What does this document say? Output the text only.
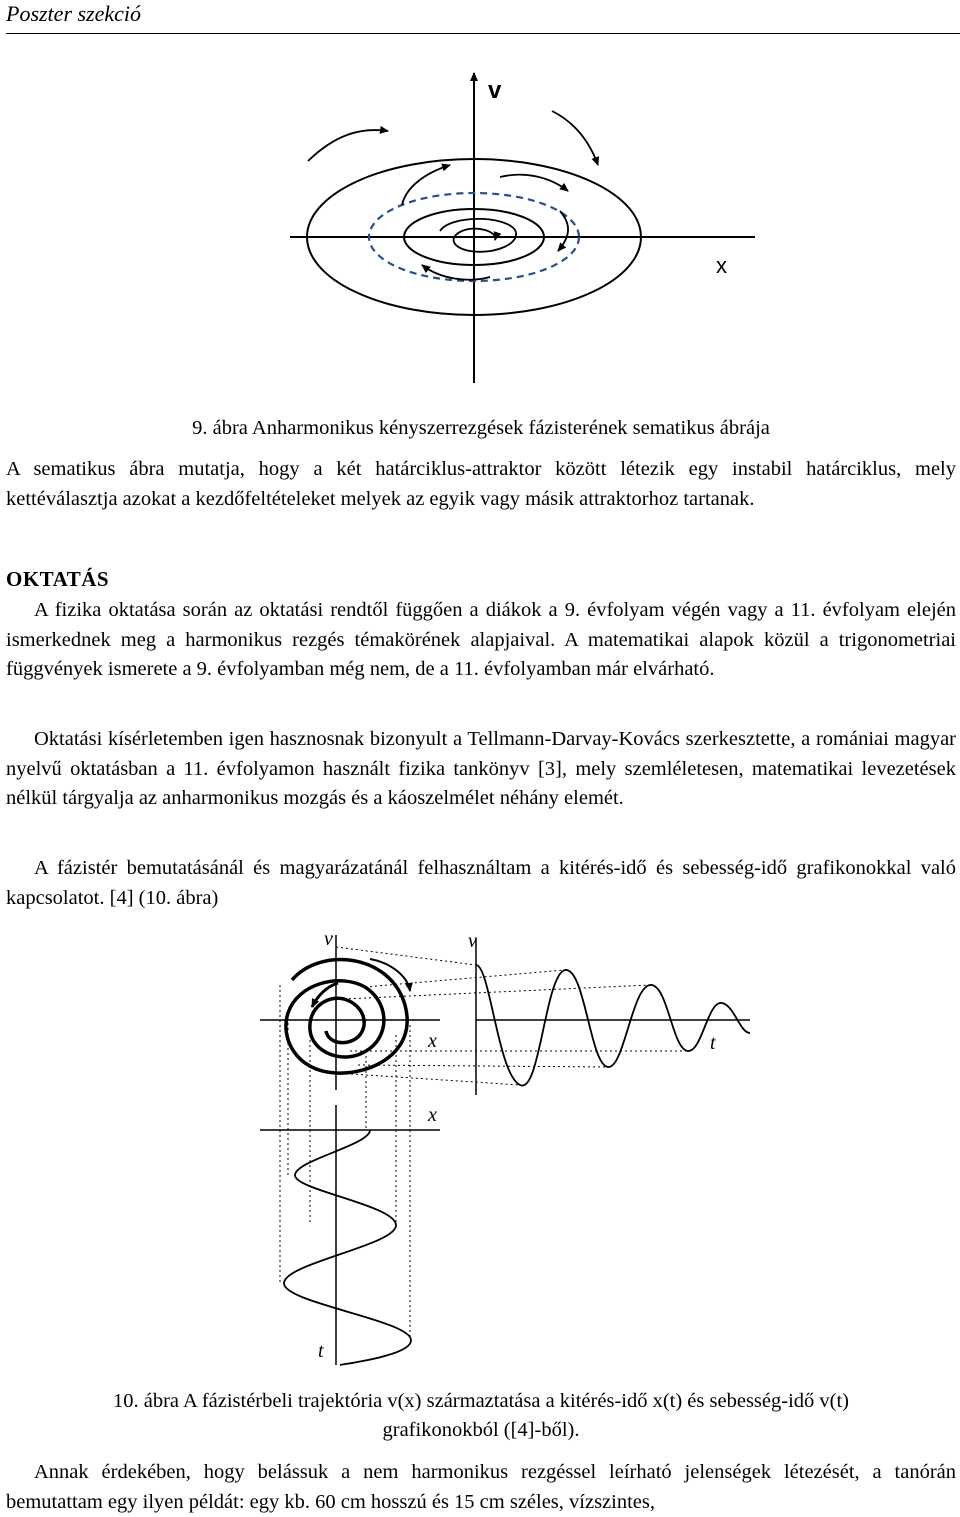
Poszter szekció
v
x
9. ábra Anharmonikus kényszerrezgések fázisterének sematikus ábrája
A sematikus ábra mutatja, hogy a két határciklus-attraktor között létezik egy instabil határciklus, mely kettéválasztja azokat a kezdőfeltételeket melyek az egyik vagy másik attraktorhoz tartanak.
OKTATÁS
A fizika oktatása során az oktatási rendtől függően a diákok a 9. évfolyam végén vagy a 11. évfolyam elején ismerkednek meg a harmonikus rezgés témakörének alapjaival. A matematikai alapok közül a trigonometriai függvények ismerete a 9. évfolyamban még nem, de a 11. évfolyamban már elvárható.
Oktatási kísérletemben igen hasznosnak bizonyult a Tellmann-Darvay-Kovács szerkesztette, a romániai magyar nyelvű oktatásban a 11. évfolyamon használt fizika tankönyv [3], mely szemléletesen, matematikai levezetések nélkül tárgyalja az anharmonikus mozgás és a káoszelmélet néhány elemét.
A fázistér bemutatásánál és magyarázatánál felhasználtam a kitérés-idő és sebesség-idő grafikonokkal való kapcsolatot. [4] (10. ábra)
v
x
v
t
x
t
10. ábra A fázistérbeli trajektória v(x) származtatása a kitérés-idő x(t) és sebesség-idő v(t)
grafikonokból ([4]-ből).
Annak érdekében, hogy belássuk a nem harmonikus rezgéssel leírható jelenségek létezését, a tanórán bemutattam egy ilyen példát: egy kb. 60 cm hosszú és 15 cm széles, vízszintes,
